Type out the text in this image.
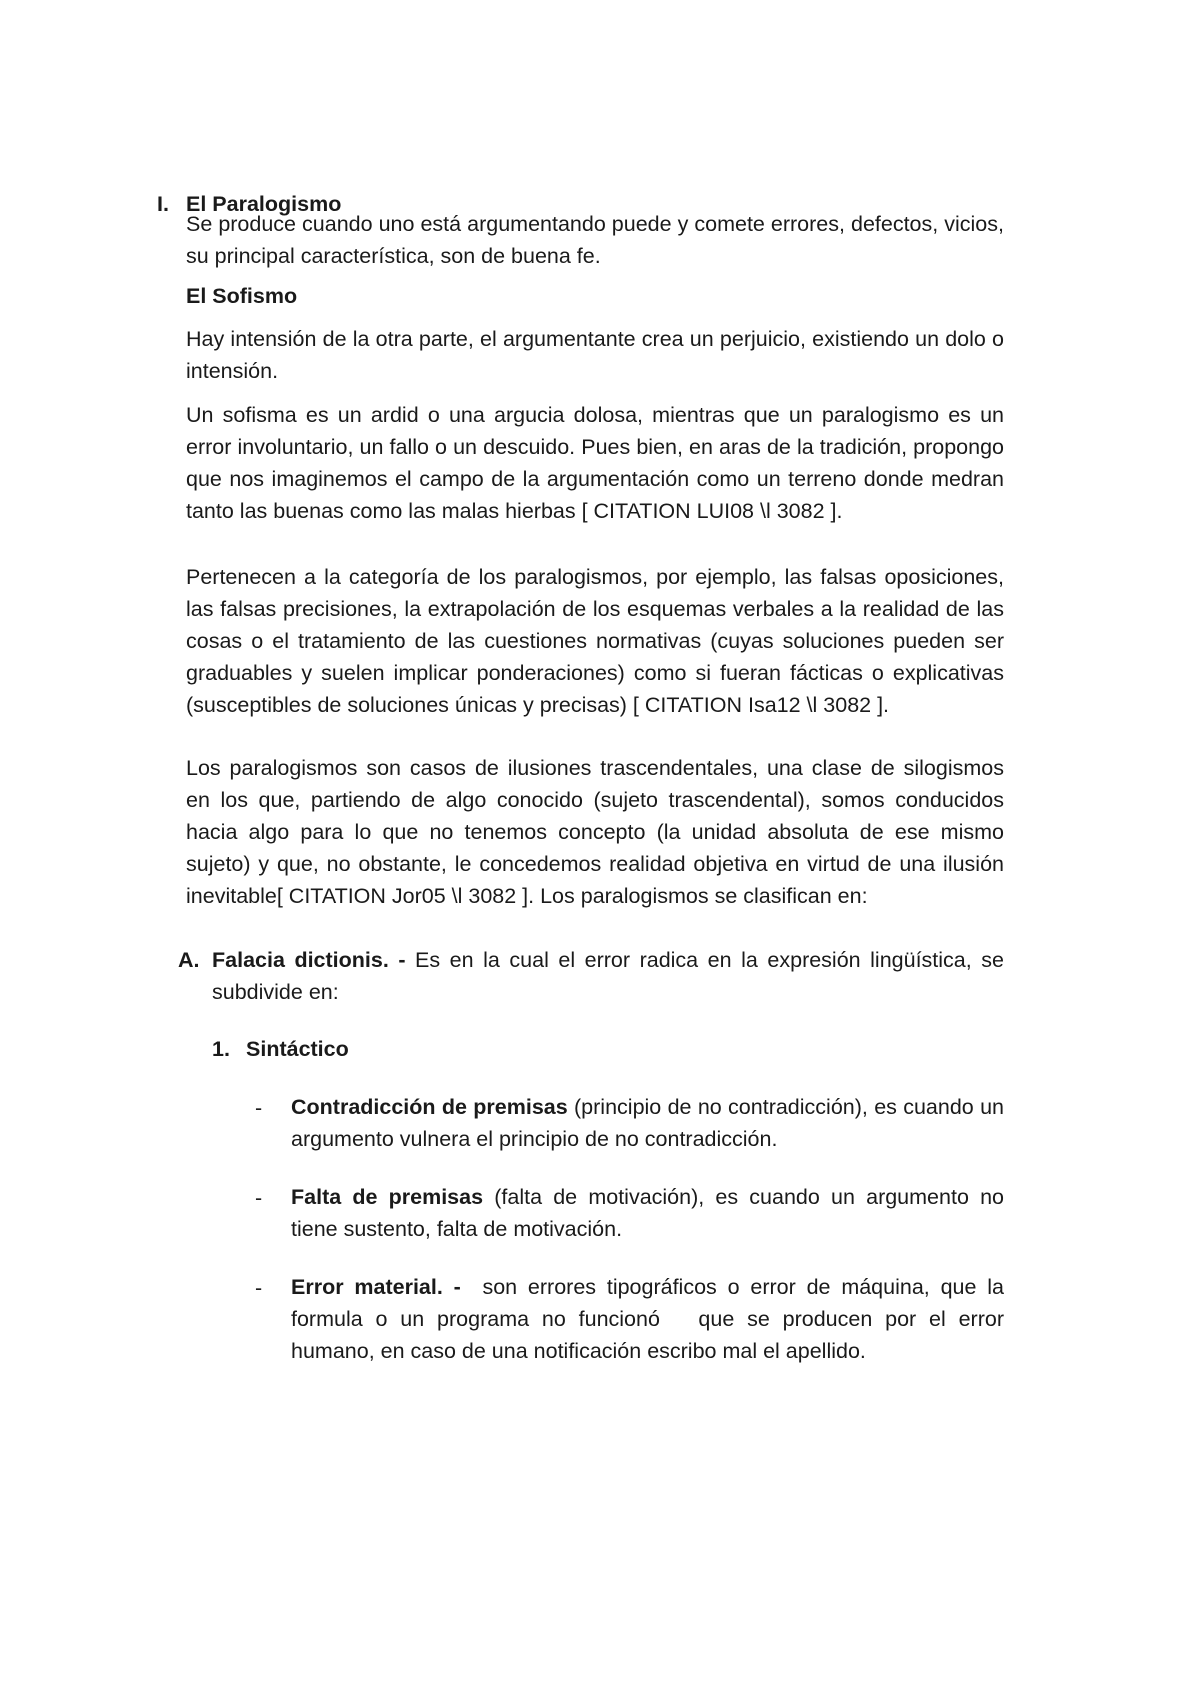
I. El Paralogismo

Se produce cuando uno está argumentando puede y comete errores, defectos, vicios, su principal característica, son de buena fe.

El Sofismo

Hay intensión de la otra parte, el argumentante crea un perjuicio, existiendo un dolo o intensión.

Un sofisma es un ardid o una argucia dolosa, mientras que un paralogismo es un error involuntario, un fallo o un descuido. Pues bien, en aras de la tradición, propongo que nos imaginemos el campo de la argumentación como un terreno donde medran tanto las buenas como las malas hierbas [ CITATION LUI08 \l 3082 ].

Pertenecen a la categoría de los paralogismos, por ejemplo, las falsas oposiciones, las falsas precisiones, la extrapolación de los esquemas verbales a la realidad de las cosas o el tratamiento de las cuestiones normativas (cuyas soluciones pueden ser graduables y suelen implicar ponderaciones) como si fueran fácticas o explicativas (susceptibles de soluciones únicas y precisas) [ CITATION Isa12 \l 3082 ].

Los paralogismos son casos de ilusiones trascendentales, una clase de silogismos en los que, partiendo de algo conocido (sujeto trascendental), somos conducidos hacia algo para lo que no tenemos concepto (la unidad absoluta de ese mismo sujeto) y que, no obstante, le concedemos realidad objetiva en virtud de una ilusión inevitable[ CITATION Jor05 \l 3082 ]. Los paralogismos se clasifican en:

A. Falacia dictionis. - Es en la cual el error radica en la expresión lingüística, se subdivide en:

1. Sintáctico
- Contradicción de premisas (principio de no contradicción), es cuando un argumento vulnera el principio de no contradicción.

- Falta de premisas (falta de motivación), es cuando un argumento no tiene sustento, falta de motivación.

- Error material. -  son errores tipográficos o error de máquina, que la formula o un programa no funcionó   que se producen por el error humano, en caso de una notificación escribo mal el apellido.
